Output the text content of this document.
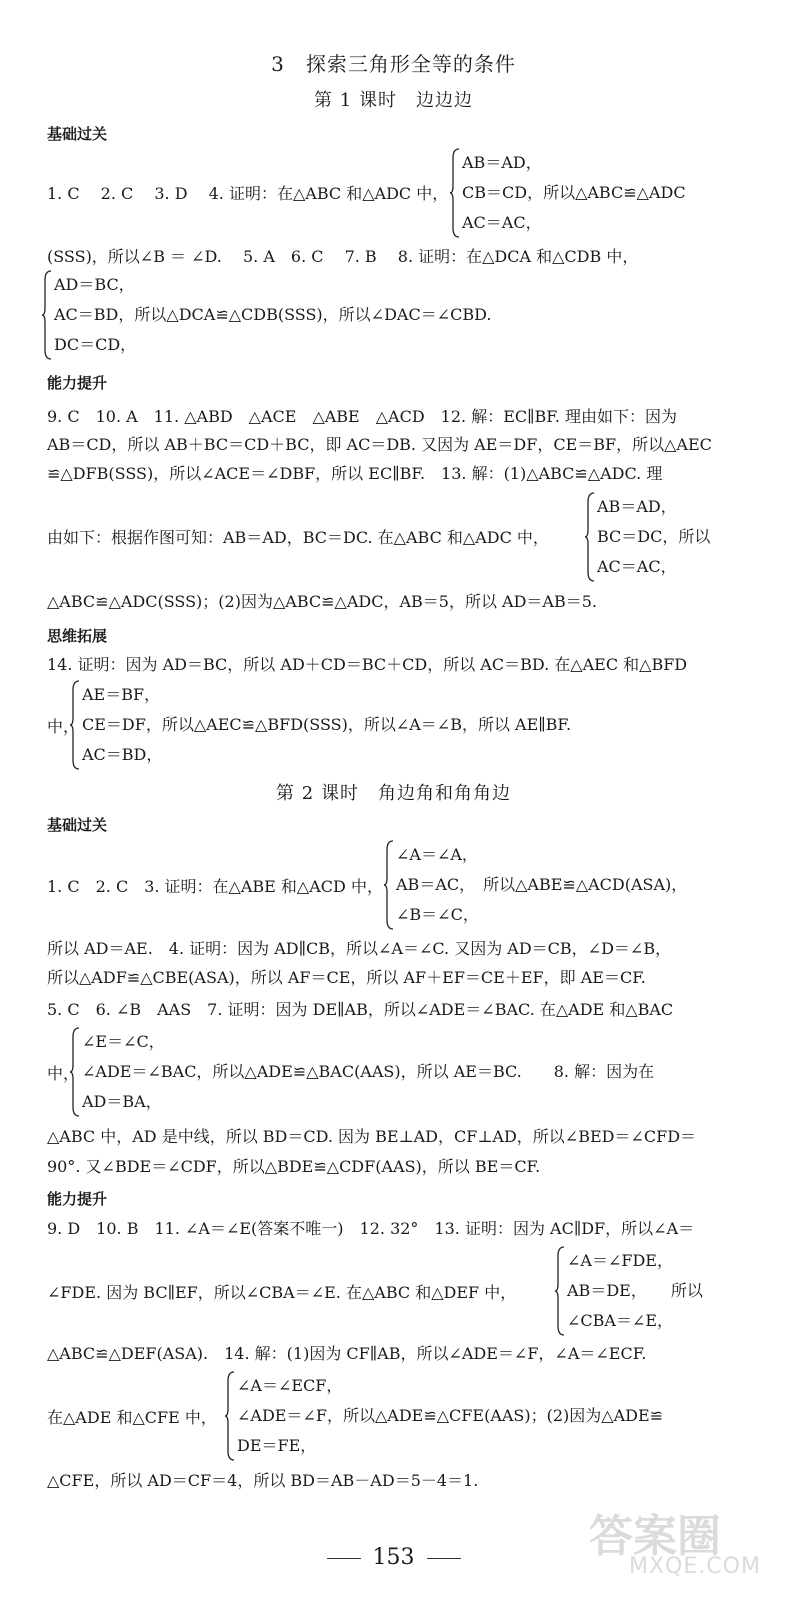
3　探索三角形全等的条件
第 1 课时　边边边
基础过关
1. C　 2. C　 3. D　 4. 证明：在△ABC 和△ADC 中，
AB＝AD，
CB＝CD，所以△ABC≌△ADC
AC＝AC，
(SSS)，所以∠B ＝ ∠D.　 5. A　6. C　 7. B　 8. 证明：在△DCA 和△CDB 中，
AD＝BC，
AC＝BD，所以△DCA≌△CDB(SSS)，所以∠DAC＝∠CBD.
DC＝CD，
能力提升
9. C　10. A　11. △ABD　△ACE　△ABE　△ACD　12. 解：EC∥BF. 理由如下：因为
AB＝CD，所以 AB＋BC＝CD＋BC，即 AC＝DB. 又因为 AE＝DF，CE＝BF，所以△AEC
≌△DFB(SSS)，所以∠ACE＝∠DBF，所以 EC∥BF.　13. 解：(1)△ABC≌△ADC. 理
由如下：根据作图可知：AB＝AD，BC＝DC. 在△ABC 和△ADC 中，
AB＝AD，
BC＝DC，所以
AC＝AC，
△ABC≌△ADC(SSS)；(2)因为△ABC≌△ADC，AB＝5，所以 AD＝AB＝5.
思维拓展
14. 证明：因为 AD＝BC，所以 AD＋CD＝BC＋CD，所以 AC＝BD. 在△AEC 和△BFD
中，
AE＝BF，
CE＝DF，所以△AEC≌△BFD(SSS)，所以∠A＝∠B，所以 AE∥BF.
AC＝BD，
第 2 课时　角边角和角角边
基础过关
1. C　2. C　3. 证明：在△ABE 和△ACD 中，
∠A＝∠A，
AB＝AC，　所以△ABE≌△ACD(ASA)，
∠B＝∠C，
所以 AD＝AE.　4. 证明：因为 AD∥CB，所以∠A＝∠C. 又因为 AD＝CB，∠D＝∠B，
所以△ADF≌△CBE(ASA)，所以 AF＝CE，所以 AF＋EF＝CE＋EF，即 AE＝CF.
5. C　6. ∠B　AAS　7. 证明：因为 DE∥AB，所以∠ADE＝∠BAC. 在△ADE 和△BAC
中，
∠E＝∠C，
∠ADE＝∠BAC，所以△ADE≌△BAC(AAS)，所以 AE＝BC.　　8. 解：因为在
AD＝BA，
△ABC 中，AD 是中线，所以 BD＝CD. 因为 BE⊥AD，CF⊥AD，所以∠BED＝∠CFD＝
90°. 又∠BDE＝∠CDF，所以△BDE≌△CDF(AAS)，所以 BE＝CF.
能力提升
9. D　10. B　11. ∠A＝∠E(答案不唯一)　12. 32°　13. 证明：因为 AC∥DF，所以∠A＝
∠FDE. 因为 BC∥EF，所以∠CBA＝∠E. 在△ABC 和△DEF 中，
∠A＝∠FDE，
AB＝DE，　　所以
∠CBA＝∠E，
△ABC≌△DEF(ASA).　14. 解：(1)因为 CF∥AB，所以∠ADE＝∠F，∠A＝∠ECF.
在△ADE 和△CFE 中，
∠A＝∠ECF，
∠ADE＝∠F，所以△ADE≌△CFE(AAS)；(2)因为△ADE≌
DE＝FE，
△CFE，所以 AD＝CF＝4，所以 BD＝AB－AD＝5－4＝1.
153	答案圈
MXQE.COM
